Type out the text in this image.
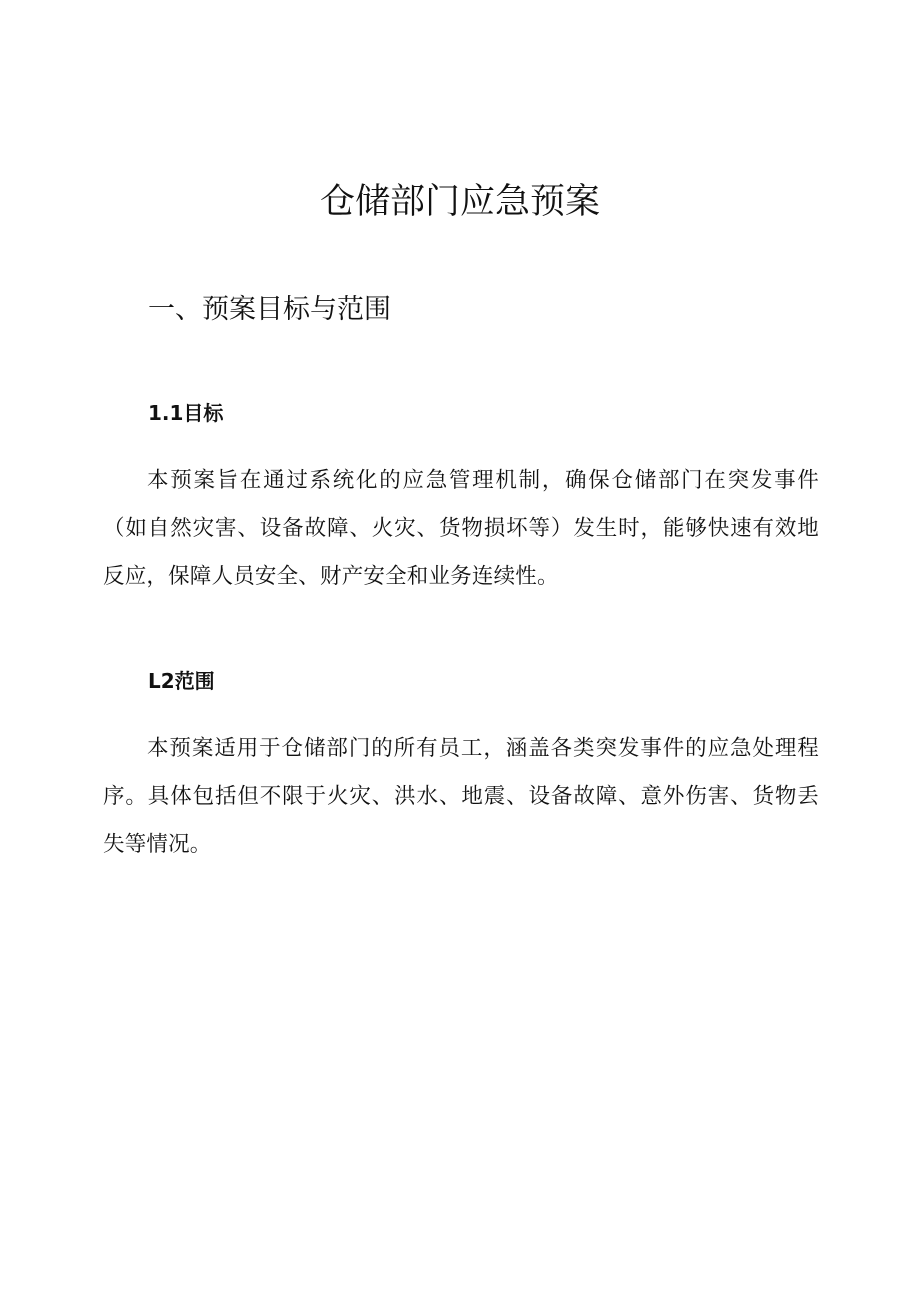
仓储部门应急预案
一、预案目标与范围
1.1目标

本预案旨在通过系统化的应急管理机制，确保仓储部门在突发事件（如自然灾害、设备故障、火灾、货物损坏等）发生时，能够快速有效地反应，保障人员安全、财产安全和业务连续性。

L2范围

本预案适用于仓储部门的所有员工，涵盖各类突发事件的应急处理程序。具体包括但不限于火灾、洪水、地震、设备故障、意外伤害、货物丢失等情况。
